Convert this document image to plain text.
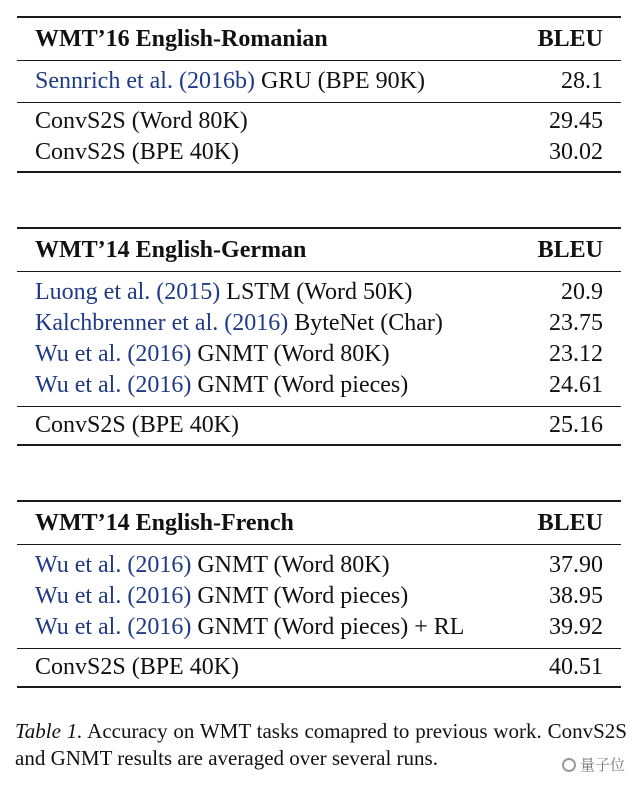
WMT’16 English-Romanian	BLEU
Sennrich et al. (2016b) GRU (BPE 90K)	28.1
ConvS2S (Word 80K)	29.45
ConvS2S (BPE 40K)	30.02
WMT’14 English-German	BLEU
Luong et al. (2015) LSTM (Word 50K)	20.9
Kalchbrenner et al. (2016) ByteNet (Char)	23.75
Wu et al. (2016) GNMT (Word 80K)	23.12
Wu et al. (2016) GNMT (Word pieces)	24.61
ConvS2S (BPE 40K)	25.16
WMT’14 English-French	BLEU
Wu et al. (2016) GNMT (Word 80K)	37.90
Wu et al. (2016) GNMT (Word pieces)	38.95
Wu et al. (2016) GNMT (Word pieces) + RL	39.92
ConvS2S (BPE 40K)	40.51
Table 1. Accuracy on WMT tasks comapred to previous work. ConvS2S and GNMT results are averaged over several runs.	量子位
